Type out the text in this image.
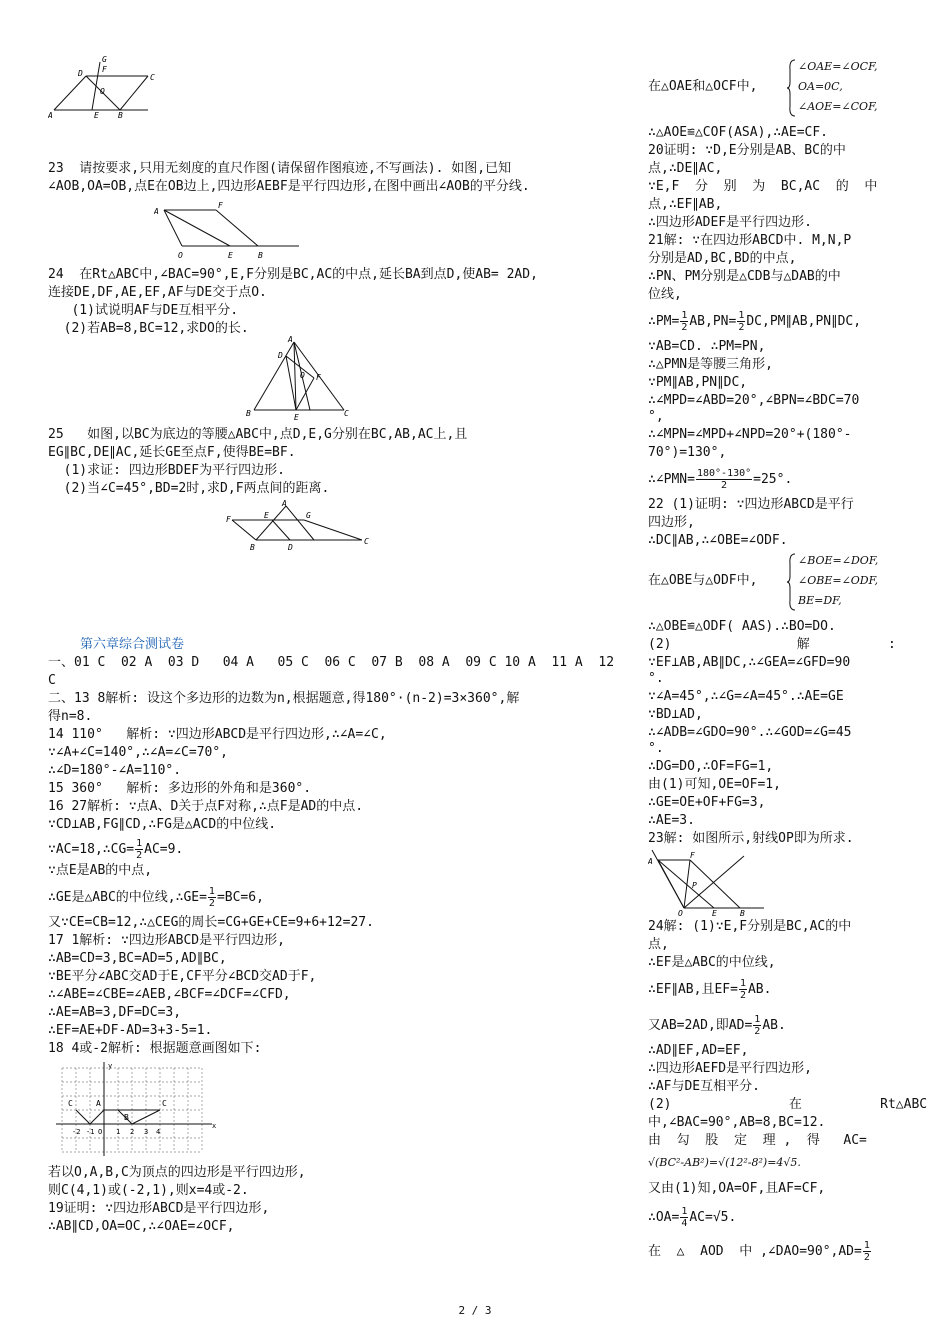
G
F
D
A
C
O
E B
23  请按要求,只用无刻度的直尺作图(请保留作图痕迹,不写画法). 如图,已知
∠AOB,OA=OB,点E在OB边上,四边形AEBF是平行四边形,在图中画出∠AOB的平分线.
A
F
O	E	B
24  在Rt△ABC中,∠BAC=90°,E,F分别是BC,AC的中点,延长BA到点D,使AB= 2AD,
连接DE,DF,AE,EF,AF与DE交于点O.
(1)试说明AF与DE互相平分.
(2)若AB=8,BC=12,求DO的长.
A
D
O F
B	E	C
25   如图,以BC为底边的等腰△ABC中,点D,E,G分别在BC,AB,AC上,且
EG∥BC,DE∥AC,延长GE至点F,使得BE=BF.
(1)求证: 四边形BDEF为平行四边形.
(2)当∠C=45°,BD=2时,求D,F两点间的距离.
A
F	E	G
B	D
C
第六章综合测试卷
一、01 C  02 A  03 D   04 A   05 C  06 C  07 B  08 A  09 C 10 A  11 A  12
C
二、13 8解析: 设这个多边形的边数为n,根据题意,得180°·(n-2)=3×360°,解
得n=8.
14 110°   解析: ∵四边形ABCD是平行四边形,∴∠A=∠C,
∵∠A+∠C=140°,∴∠A=∠C=70°,
∴∠D=180°-∠A=110°.
15 360°   解析: 多边形的外角和是360°.
16 27解析: ∵点A、D关于点F对称,∴点F是AD的中点.
∵CD⊥AB,FG∥CD,∴FG是△ACD的中位线.
∵AC=18,∴CG= $\frac{1}{2} AC=9$.
∵点E是AB的中点,
∴GE是△ABC的中位线,∴GE= $\frac{1}{2} =BC=6$,
又∵CE=CB=12,∴△CEG的周长=CG+GE+CE=9+6+12=27.
17 1解析: ∵四边形ABCD是平行四边形,
∴AB=CD=3,BC=AD=5,AD∥BC,
∵BE平分∠ABC交AD于E,CF平分∠BCD交AD于F,
∴∠ABE=∠CBE=∠AEB,∠BCF=∠DCF=∠CFD,
∴AE=AB=3,DF=DC=3,
∴EF=AE+DF-AD=3+3-5=1.
18 4或-2解析: 根据题意画图如下:
y
C	A
B
C
-2 -1 O 1 2 3 4
x
若以O,A,B,C为顶点的四边形是平行四边形,
则C(4,1)或(-2,1),则x=4或-2.
19证明: ∵四边形ABCD是平行四边形,
∴AB∥CD,OA=OC,∴∠OAE=∠OCF,
在△OAE和△OCF中,
∠OAE=∠OCF,
OA=0C,
∠AOE=∠COF,
∴△AOE≌△COF(ASA),∴AE=CF.
20证明: ∵D,E分别是AB、BC的中
点,∴DE∥AC,
∵E,F  分  别  为  BC,AC  的  中
点,∴EF∥AB,
∴四边形ADEF是平行四边形.
21解: ∵在四边形ABCD中. M,N,P
分别是AD,BC,BD的中点,
∴PN、PM分别是△CDB与△DAB的中
位线,
∴PM= $\frac{1}{2} AB,PN= \frac{1}{2}$ DC,PM∥AB,PN∥DC,
∵AB=CD. ∴PM=PN,
∴△PMN是等腰三角形,
∵PM∥AB,PN∥DC,
∴∠MPD=∠ABD=20°,∠BPN=∠BDC=70
°,
∴∠MPN=∠MPD+∠NPD=20°+(180°-
70°)=130°,
∴∠PMN= $\frac{180^\circ-130^\circ}{2} =25^\circ$.
22 (1)证明: ∵四边形ABCD是平行
四边形,
∴DC∥AB,∴∠OBE=∠ODF.
在△OBE与△ODF中,
∠BOE=∠DOF,
∠OBE=∠ODF,
BE=DF,
∴△OBE≌△ODF( AAS).∴BO=DO.
(2)                解          :
∵EF⊥AB,AB∥DC,∴∠GEA=∠GFD=90
°.
∵∠A=45°,∴∠G=∠A=45°.∴AE=GE
∵BD⊥AD,
∴∠ADB=∠GDO=90°.∴∠GOD=∠G=45
°.
∴DG=DO,∴OF=FG=1,
由(1)可知,OE=OF=1,
∴GE=OE+OF+FG=3,
∴AE=3.
23解: 如图所示,射线OP即为所求.
A
F
P
O	E	B
24解: (1)∵E,F分别是BC,AC的中
点,
∴EF是△ABC的中位线,
∴EF∥AB,且$EF= \frac{1}{2}$ AB.
又AB=2AD,即$AD= \frac{1}{2}$ AB.
∴AD∥EF,AD=EF,
∴四边形AEFD是平行四边形,
∴AF与DE互相平分.
(2)               在          Rt△ABC
中,∠BAC=90°,AB=8,BC=12.
由  勾  股  定  理 ,  得   AC=
√(BC²-AB²)=√(12²-8²)=4√5.
又由(1)知,OA=OF,且AF=CF,
∴OA= $\frac{1}{4} AC=√5$.
在  △  AOD  中 ,∠DAO=90°,AD= $\frac{1}{2}$
2 / 3
